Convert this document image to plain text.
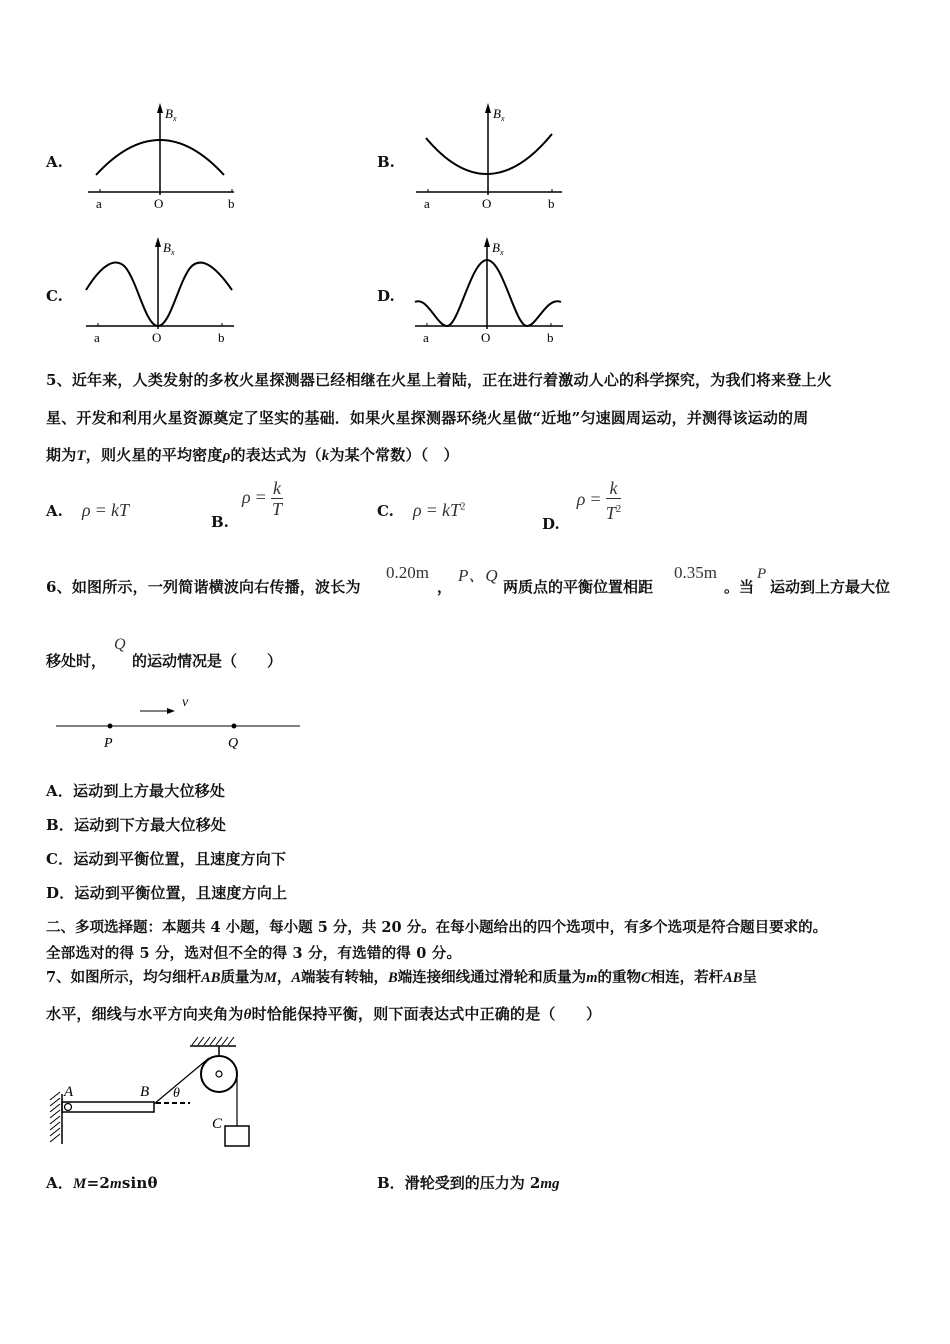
A.	B.
C.	D.
$B_x$
a	O	b
$B_x$
a	O	b
$B_x$
a	O	b
$B_x$
a	O	b
5、近年来，人类发射的多枚火星探测器已经相继在火星上着陆，正在进行着激动人心的科学探究，为我们将来登上火
星、开发和利用火星资源奠定了坚实的基础．如果火星探测器环绕火星做“近地”匀速圆周运动，并测得该运动的周
期为T，则火星的平均密度ρ的表达式为（k为某个常数）（　）
A. ρ = kT
B. $\rho = \frac{k}{T}$	C. $\rho = kT^2$
D. $\rho = \frac{k}{T^2}$
6、如图所示，一列简谐横波向右传播，波长为
0.20m
，
P、Q
两质点的平衡位置相距
0.35m
。当
P
运动到上方最大位
移处时，
Q
的运动情况是（　　）
v
P	Q
A．运动到上方最大位移处
B．运动到下方最大位移处
C．运动到平衡位置，且速度方向下
D．运动到平衡位置，且速度方向上
二、多项选择题：本题共 4 小题，每小题 5 分，共 20 分。在每小题给出的四个选项中，有多个选项是符合题目要求的。
全部选对的得 5 分，选对但不全的得 3 分，有选错的得 0 分。
7、如图所示，均匀细杆AB质量为M，A端装有转轴，B端连接细线通过滑轮和质量为m的重物C相连，若杆AB呈
水平，细线与水平方向夹角为θ时恰能保持平衡，则下面表达式中正确的是（　　）
C
A	B θ
A．M=2msinθ	B．滑轮受到的压力为 2mg
